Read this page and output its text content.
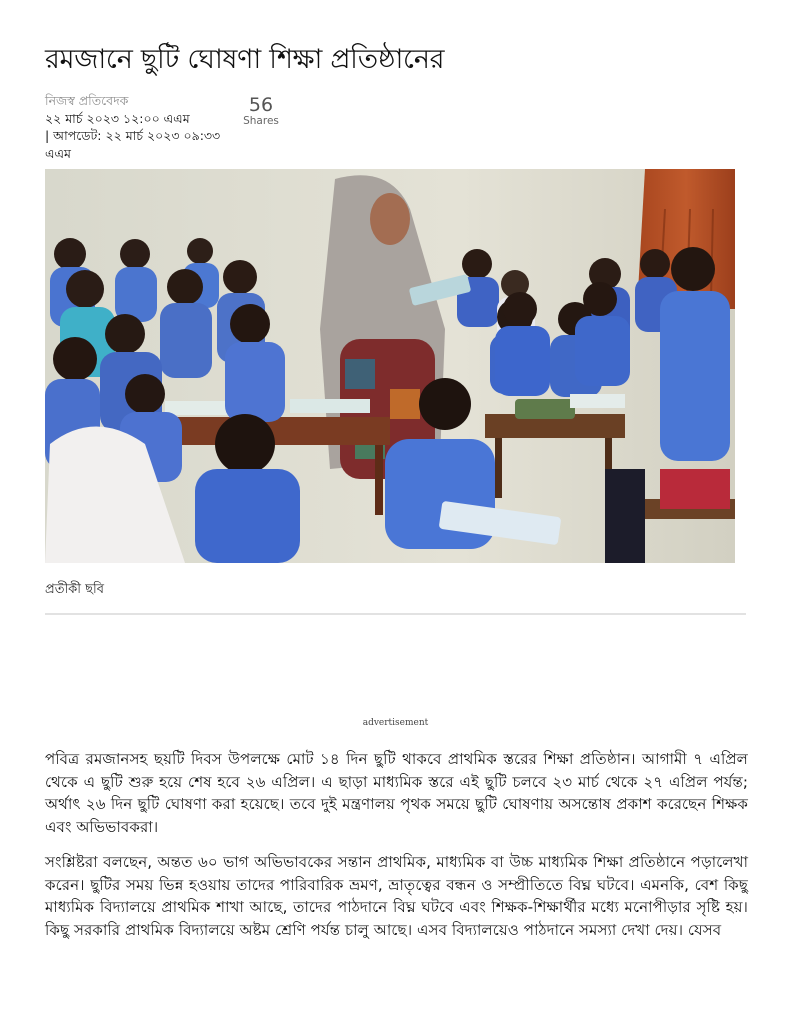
রমজানে ছুটি ঘোষণা শিক্ষা প্রতিষ্ঠানের
নিজস্ব প্রতিবেদক
২২ মার্চ ২০২৩ ১২:০০ এএম
| আপডেট: ২২ মার্চ ২০২৩ ০৯:৩৩ এএম
56
Shares
প্রতীকী ছবি
advertisement

পবিত্র রমজানসহ ছয়টি দিবস উপলক্ষে মোট ১৪ দিন ছুটি থাকবে প্রাথমিক স্তরের শিক্ষা প্রতিষ্ঠান। আগামী ৭ এপ্রিল থেকে এ ছুটি শুরু হয়ে শেষ হবে ২৬ এপ্রিল। এ ছাড়া মাধ্যমিক স্তরে এই ছুটি চলবে ২৩ মার্চ থেকে ২৭ এপ্রিল পর্যন্ত; অর্থাৎ ২৬ দিন ছুটি ঘোষণা করা হয়েছে। তবে দুই মন্ত্রণালয় পৃথক সময়ে ছুটি ঘোষণায় অসন্তোষ প্রকাশ করেছেন শিক্ষক এবং অভিভাবকরা।

সংশ্লিষ্টরা বলছেন, অন্তত ৬০ ভাগ অভিভাবকের সন্তান প্রাথমিক, মাধ্যমিক বা উচ্চ মাধ্যমিক শিক্ষা প্রতিষ্ঠানে পড়ালেখা করেন। ছুটির সময় ভিন্ন হওয়ায় তাদের পারিবারিক ভ্রমণ, ভ্রাতৃত্বের বন্ধন ও সম্প্রীতিতে বিঘ্ন ঘটবে। এমনকি, বেশ কিছু মাধ্যমিক বিদ্যালয়ে প্রাথমিক শাখা আছে, তাদের পাঠদানে বিঘ্ন ঘটবে এবং শিক্ষক-শিক্ষার্থীর মধ্যে মনোপীড়ার সৃষ্টি হয়। কিছু সরকারি প্রাথমিক বিদ্যালয়ে অষ্টম শ্রেণি পর্যন্ত চালু আছে। এসব বিদ্যালয়েও পাঠদানে সমস্যা দেখা দেয়। যেসব
